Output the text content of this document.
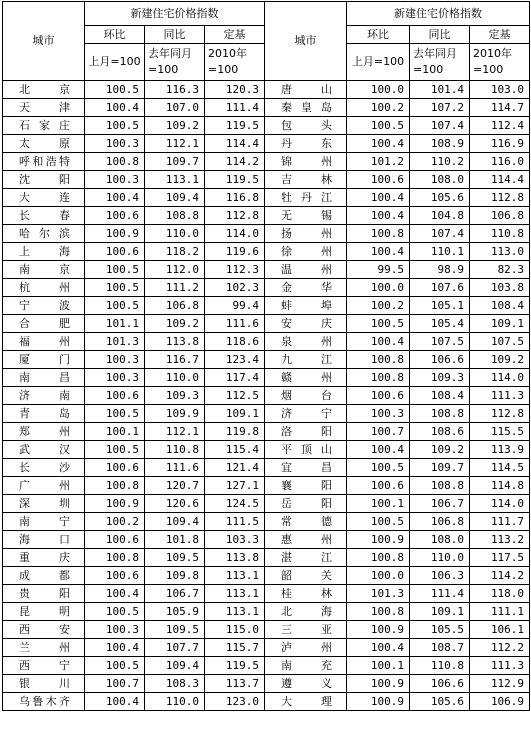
城市	新建住宅价格指数			城市	新建住宅价格指数		
	环比	同比	定基		环比	同比	定基
	上月=100	去年同月=100	2010年=100		上月=100	去年同月=100	2010年=100
北京	100.5	116.3	120.3	唐山	100.0	101.4	103.0
天津	100.4	107.0	111.4	秦皇岛	100.2	107.2	114.7
石家庄	100.5	109.2	119.5	包头	100.5	107.4	112.4
太原	100.3	112.1	114.4	丹东	100.4	108.9	116.9
呼和浩特	100.8	109.7	114.2	锦州	101.2	110.2	116.0
沈阳	100.3	113.1	119.5	吉林	100.6	108.0	114.4
大连	100.4	109.4	116.8	牡丹江	100.4	105.6	112.8
长春	100.6	108.8	112.8	无锡	100.4	104.8	106.8
哈尔滨	100.9	110.0	114.0	扬州	100.8	107.4	110.8
上海	100.6	118.2	119.6	徐州	100.4	110.1	113.0
南京	100.5	112.0	112.3	温州	99.5	98.9	82.3
杭州	100.5	111.2	102.3	金华	100.0	107.6	103.8
宁波	100.5	106.8	99.4	蚌埠	100.2	105.1	108.4
合肥	101.1	109.2	111.6	安庆	100.5	105.4	109.1
福州	101.3	113.8	118.6	泉州	100.4	107.5	107.5
厦门	100.3	116.7	123.4	九江	100.8	106.6	109.2
南昌	100.3	110.0	117.4	赣州	100.8	109.3	114.0
济南	100.6	109.3	112.5	烟台	100.6	108.4	111.3
青岛	100.5	109.9	109.1	济宁	100.3	108.8	112.8
郑州	100.1	112.1	119.8	洛阳	100.7	108.6	115.5
武汉	100.5	110.8	115.4	平顶山	100.4	109.2	113.9
长沙	100.6	111.6	121.4	宜昌	100.5	109.7	114.5
广州	100.8	120.7	127.1	襄阳	100.6	108.8	114.8
深圳	100.9	120.6	124.5	岳阳	100.1	106.7	114.0
南宁	100.2	109.4	111.5	常德	100.5	106.8	111.7
海口	100.6	101.8	103.3	惠州	100.9	108.0	113.2
重庆	100.8	109.5	113.8	湛江	100.8	110.0	117.5
成都	100.6	109.8	113.1	韶关	100.0	106.3	114.2
贵阳	100.4	106.7	113.1	桂林	101.3	111.4	118.0
昆明	100.5	105.9	113.1	北海	100.8	109.1	111.1
西安	100.3	109.5	115.0	三亚	100.9	105.5	106.1
兰州	100.4	107.7	115.7	泸州	100.4	108.7	112.2
西宁	100.5	109.4	119.5	南充	100.1	110.8	111.3
银川	100.7	108.3	113.7	遵义	100.9	106.6	112.9
乌鲁木齐	100.4	110.0	123.0	大理	100.9	105.6	106.9
